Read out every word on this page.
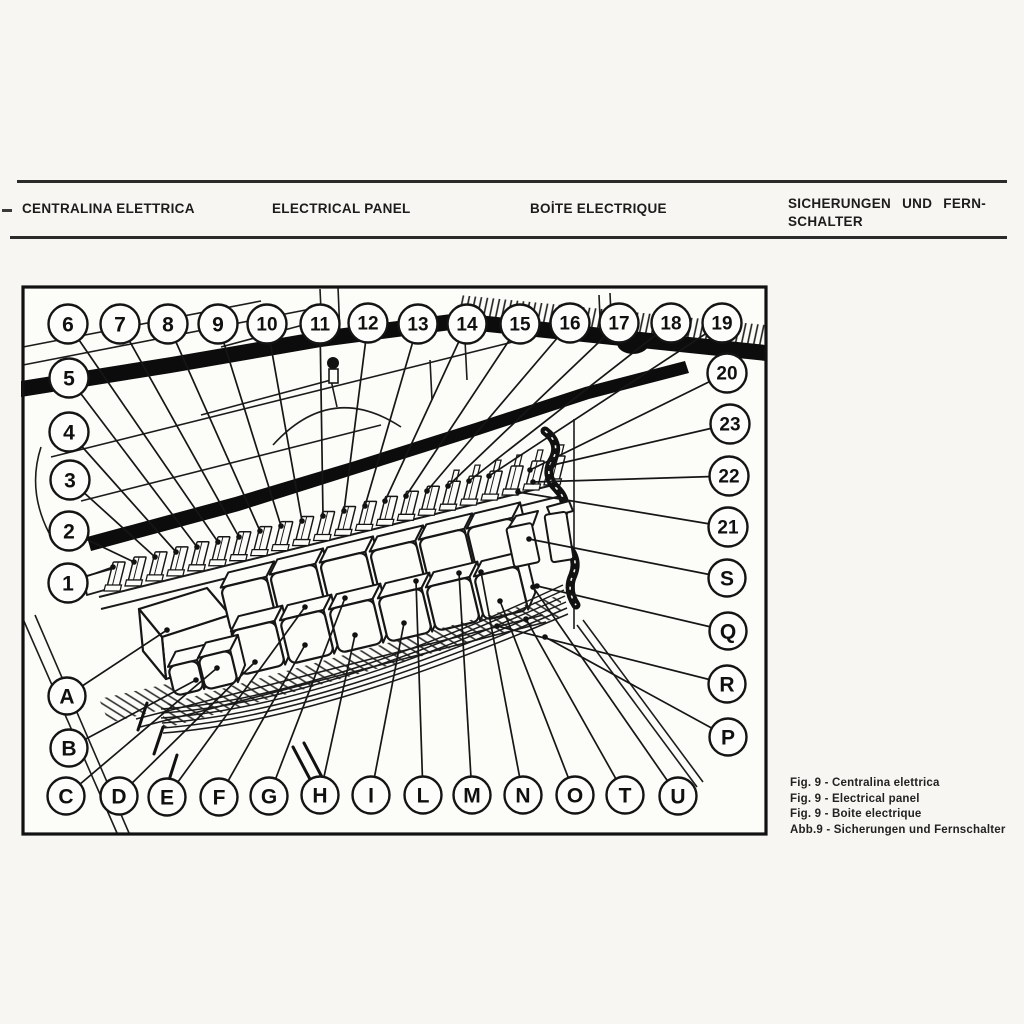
CENTRALINA ELETTRICA	ELECTRICAL PANEL	BOİTE ELECTRIQUE	SICHERUNGEN UND FERN-
SCHALTER
1
2
3
4
5
6 7 8 9 10 11 12 13 14 15 16 17 18 19
20
23
22
21
S
Q
R
P
A
B
C D E F G H I L M N O T U
Fig. 9 - Centralina elettrica
Fig. 9 - Electrical panel
Fig. 9 - Boite electrique
Abb.9 - Sicherungen und Fernschalter
